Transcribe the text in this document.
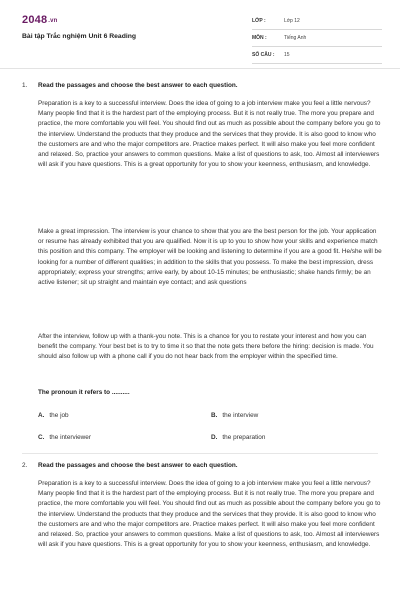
2048.vn
Bài tập Trắc nghiệm Unit 6 Reading
LỚP :	Lớp 12
MÔN :	Tiếng Anh
SỐ CÂU : 15
1. Read the passages and choose the best answer to each question.

Preparation is a key to a successful interview. Does the idea of going to a job interview make you feel a little nervous? Many people find that it is the hardest part of the employing process. But it is not really true. The more you prepare and practice, the more comfortable you will feel. You should find out as much as possible about the company before you go to the interview. Understand the products that they produce and the services that they provide. It is also good to know who the customers are and who the major competitors are. Practice makes perfect. It will also make you feel more confident and relaxed. So, practice your answers to common questions. Make a list of questions to ask, too. Almost all interviewers will ask if you have questions. This is a great opportunity for you to show your keenness, enthusiasm, and knowledge.

Make a great impression. The interview is your chance to show that you are the best person for the job. Your application or resume has already exhibited that you are qualified. Now it is up to you to show how your skills and experience match this position and this company. The employer will be looking and listening to determine if you are a good fit. He/she will be looking for a number of different qualities; in addition to the skills that you possess. To make the best impression, dress appropriately; express your strengths; arrive early, by about 10-15 minutes; be enthusiastic; shake hands firmly; be an active listener; sit up straight and maintain eye contact; and ask questions

After the interview, follow up with a thank-you note. This is a chance for you to restate your interest and how you can benefit the company. Your best bet is to try to time it so that the note gets there before the hiring: decision is made. You should also follow up with a phone call if you do not hear back from the employer within the specified time.

The pronoun it refers to ..........
A. the job	B. the interview
C. the interviewer	D. the preparation
2. Read the passages and choose the best answer to each question.

Preparation is a key to a successful interview. Does the idea of going to a job interview make you feel a little nervous? Many people find that it is the hardest part of the employing process. But it is not really true. The more you prepare and practice, the more comfortable you will feel. You should find out as much as possible about the company before you go to the interview. Understand the products that they produce and the services that they provide. It is also good to know who the customers are and who the major competitors are. Practice makes perfect. It will also make you feel more confident and relaxed. So, practice your answers to common questions. Make a list of questions to ask, too. Almost all interviewers will ask if you have questions. This is a great opportunity for you to show your keenness, enthusiasm, and knowledge.
